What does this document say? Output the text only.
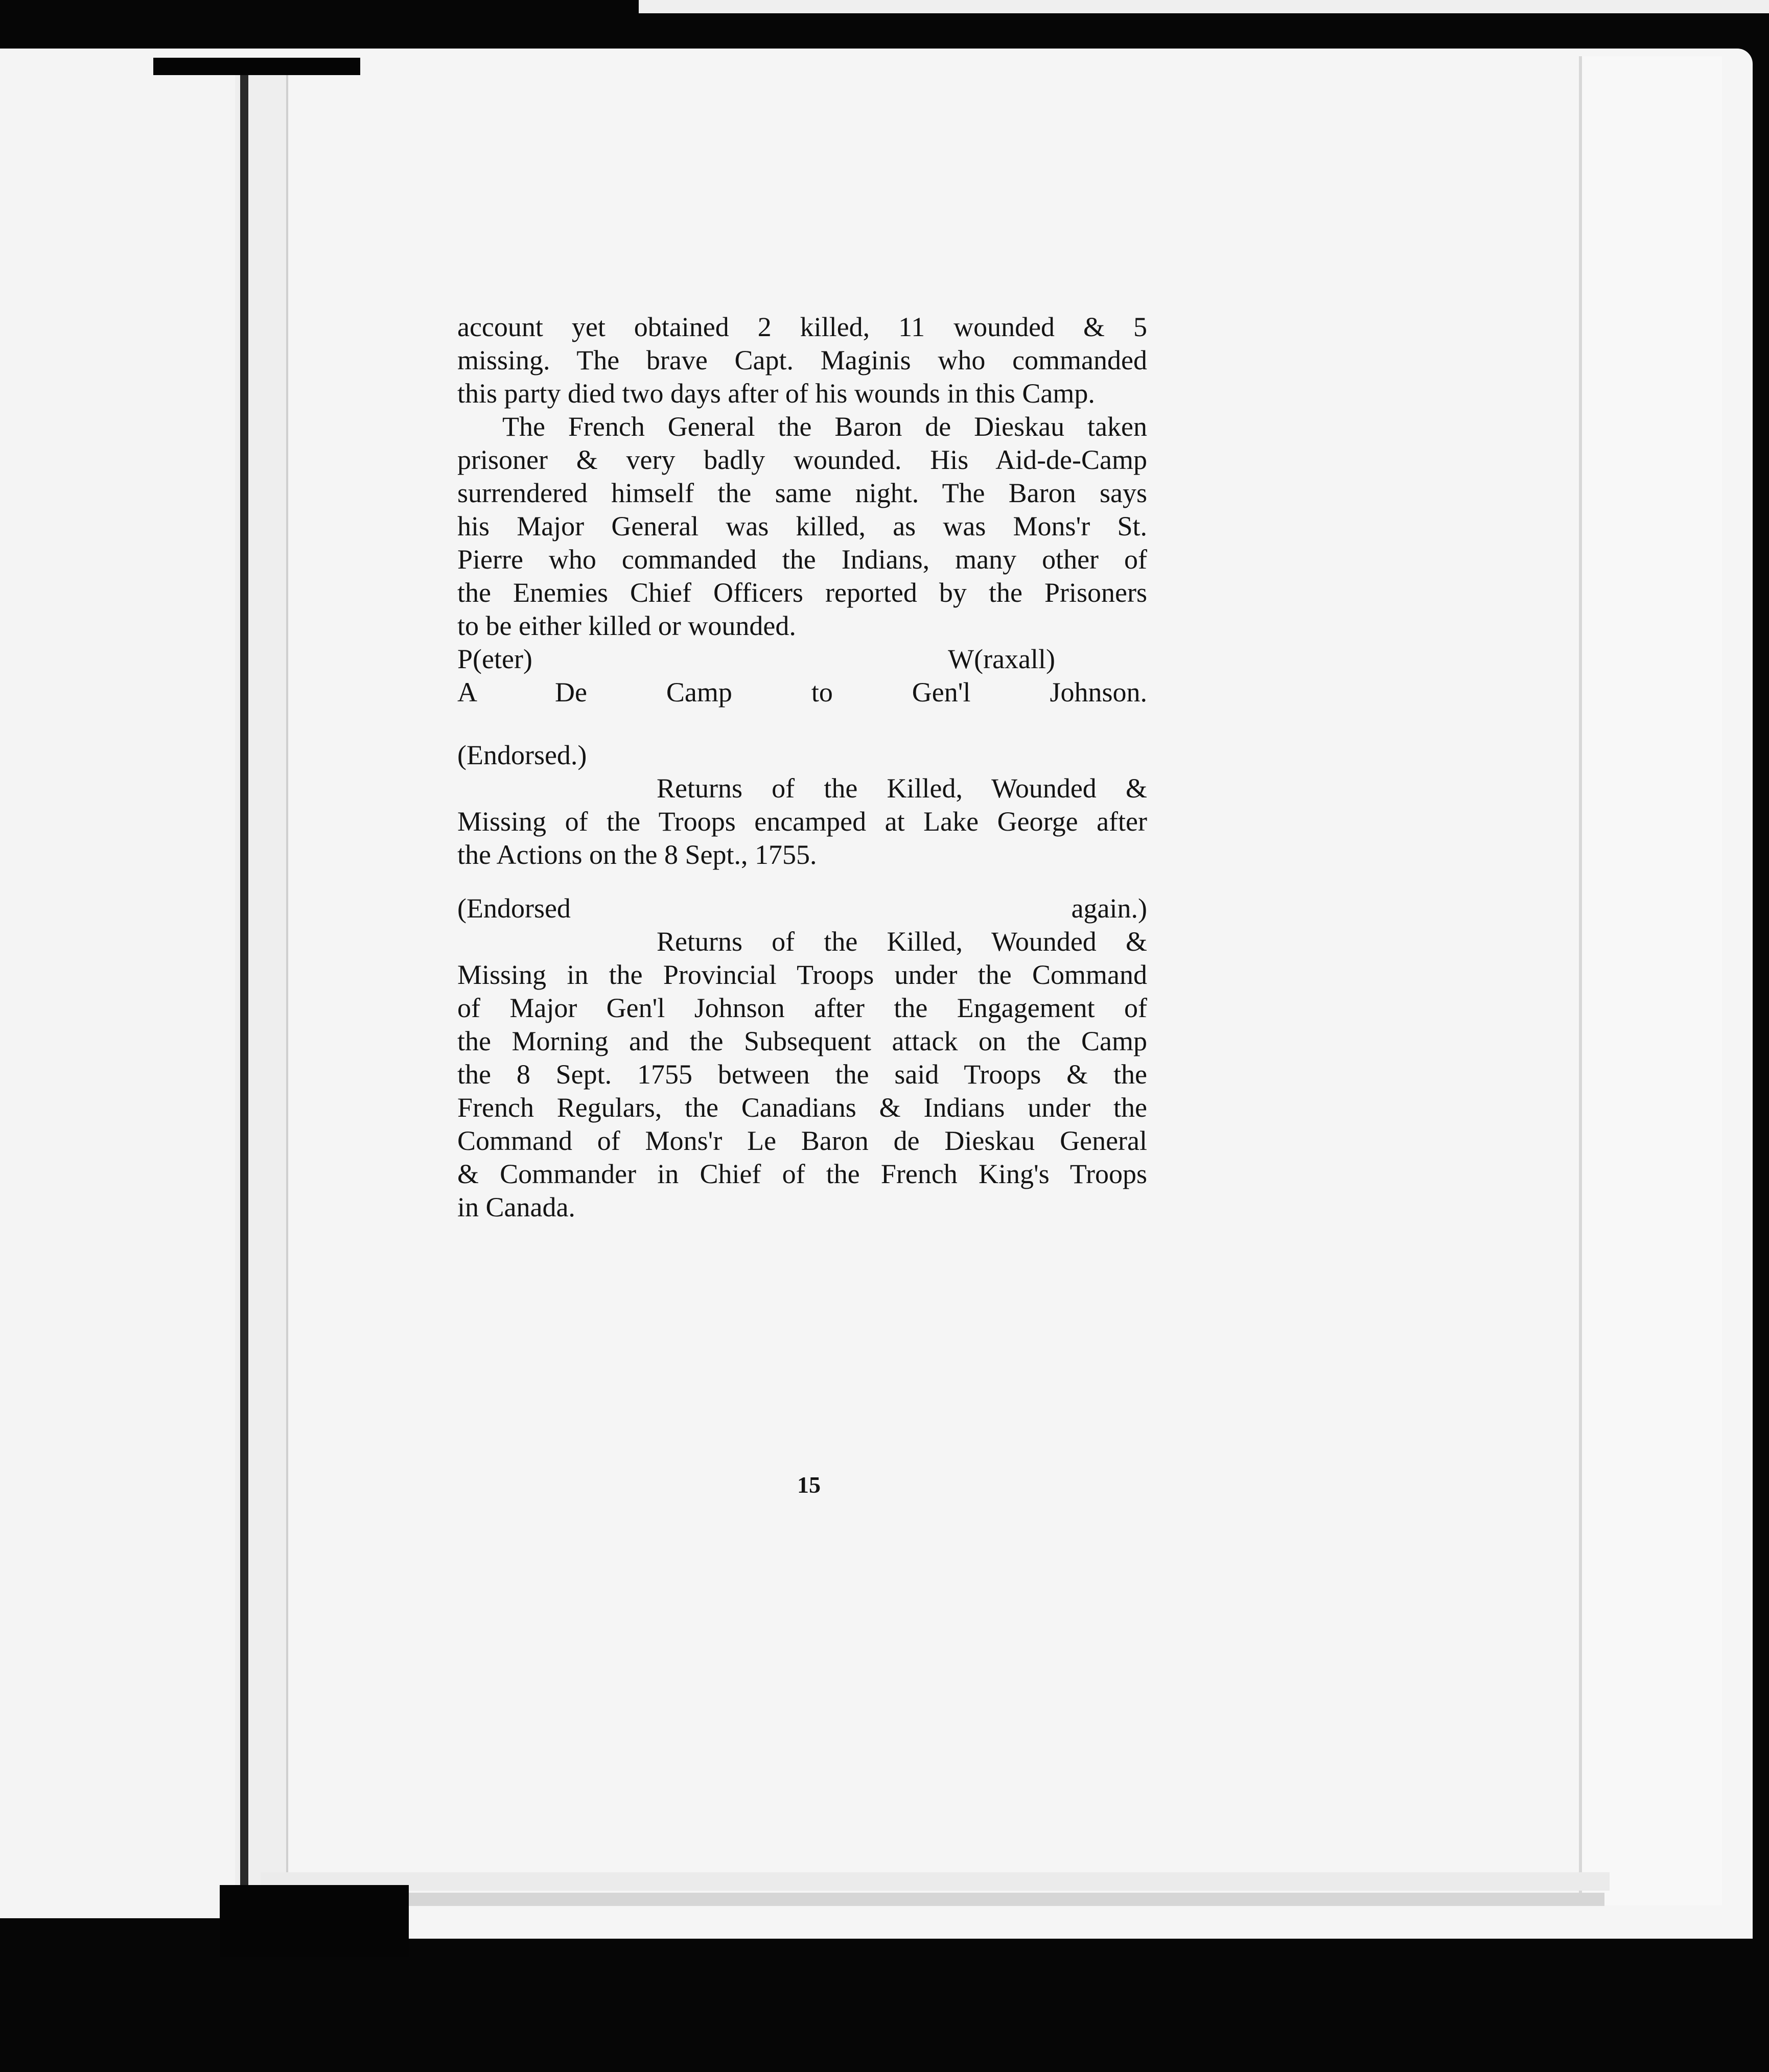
account yet obtained 2 killed, 11 wounded & 5

missing. The brave Capt. Maginis who commanded

this party died two days after of his wounds in this Camp.

The French General the Baron de Dieskau taken

prisoner & very badly wounded. His Aid-de-Camp

surrendered himself the same night. The Baron says

his Major General was killed, as was Mons'r St.

Pierre who commanded the Indians, many other of

the Enemies Chief Officers reported by the Prisoners

to be either killed or wounded.

P(eter) W(raxall)

A De Camp to Gen'l Johnson.

(Endorsed.)

Returns of the Killed, Wounded &

Missing of the Troops encamped at Lake George after

the Actions on the 8 Sept., 1755.

(Endorsed again.)

Returns of the Killed, Wounded &

Missing in the Provincial Troops under the Command

of Major Gen'l Johnson after the Engagement of

the Morning and the Subsequent attack on the Camp

the 8 Sept. 1755 between the said Troops & the

French Regulars, the Canadians & Indians under the

Command of Mons'r Le Baron de Dieskau General

& Commander in Chief of the French King's Troops

in Canada.

15
